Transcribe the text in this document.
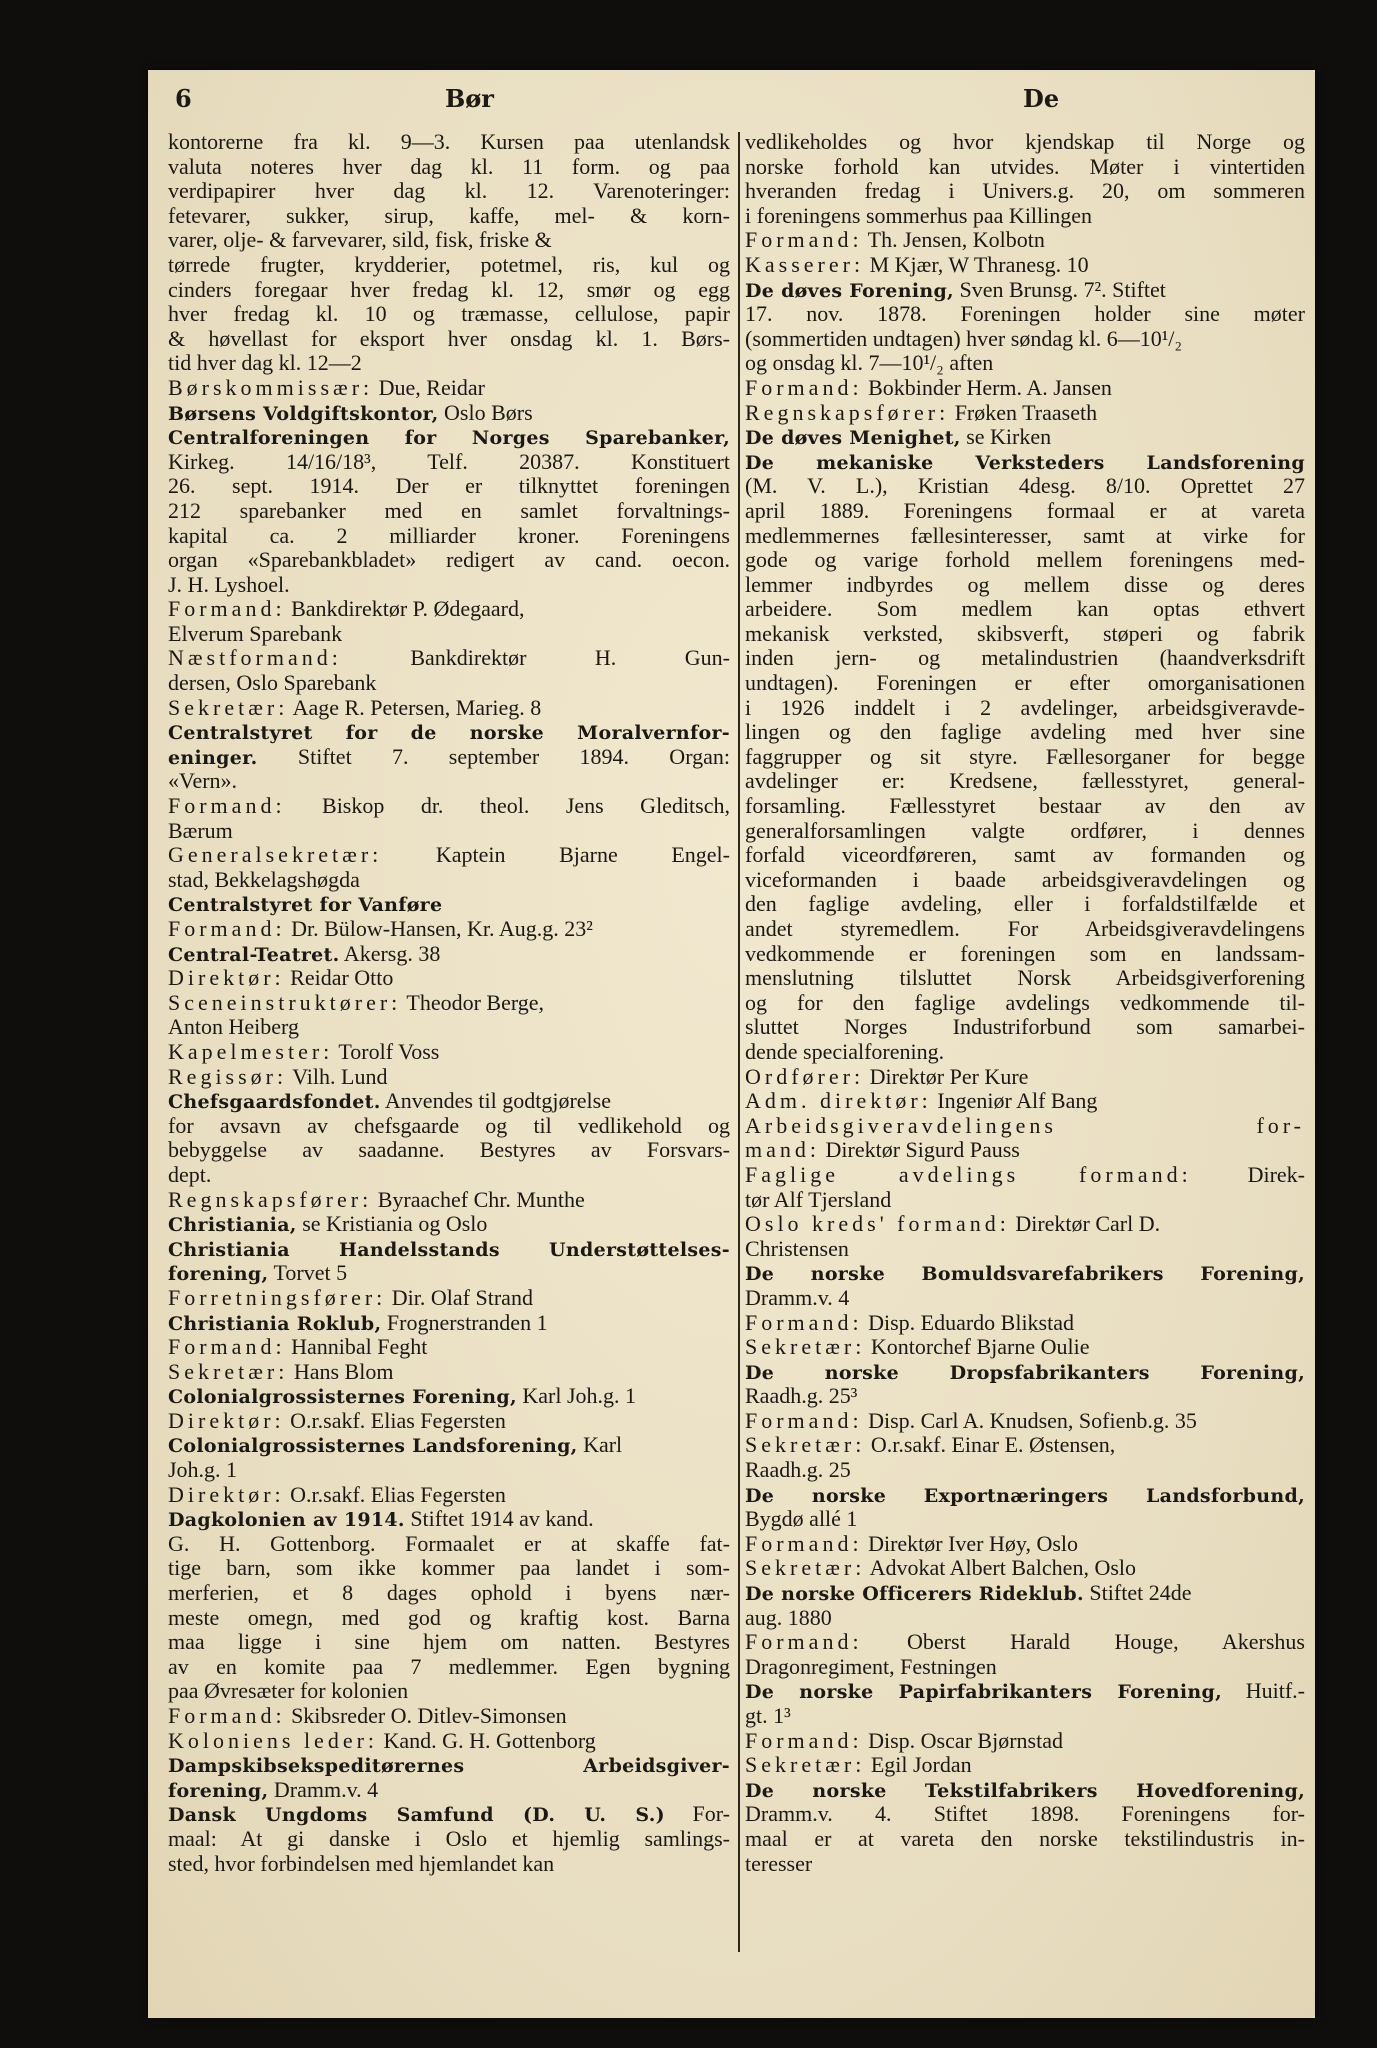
6	Bør	De
kontorerne fra kl. 9—3. Kursen paa utenlandsk
valuta noteres hver dag kl. 11 form. og paa
verdipapirer hver dag kl. 12. Varenoteringer:
fetevarer, sukker, sirup, kaffe, mel- & korn-
varer, olje- & farvevarer, sild, fisk, friske &
tørrede frugter, krydderier, potetmel, ris, kul og
cinders foregaar hver fredag kl. 12, smør og egg
hver fredag kl. 10 og træmasse, cellulose, papir
& høvellast for eksport hver onsdag kl. 1. Børs-
tid hver dag kl. 12—2
Børskommissær: Due, Reidar
Børsens Voldgiftskontor, Oslo Børs
Centralforeningen for Norges Sparebanker,
Kirkeg. 14/16/18³, Telf. 20387. Konstituert
26. sept. 1914. Der er tilknyttet foreningen
212 sparebanker med en samlet forvaltnings-
kapital ca. 2 milliarder kroner. Foreningens
organ «Sparebankbladet» redigert av cand. oecon.
J. H. Lyshoel.
Formand: Bankdirektør P. Ødegaard,
Elverum Sparebank
Næstformand: Bankdirektør H. Gun-
dersen, Oslo Sparebank
Sekretær: Aage R. Petersen, Marieg. 8
Centralstyret for de norske Moralvernfor-
eninger. Stiftet 7. september 1894. Organ:
«Vern».
Formand: Biskop dr. theol. Jens Gleditsch,
Bærum
Generalsekretær: Kaptein Bjarne Engel-
stad, Bekkelagshøgda
Centralstyret for Vanføre
Formand: Dr. Bülow-Hansen, Kr. Aug.g. 23²
Central-Teatret. Akersg. 38
Direktør: Reidar Otto
Sceneinstruktører: Theodor Berge,
Anton Heiberg
Kapelmester: Torolf Voss
Regissør: Vilh. Lund
Chefsgaardsfondet. Anvendes til godtgjørelse
for avsavn av chefsgaarde og til vedlikehold og
bebyggelse av saadanne. Bestyres av Forsvars-
dept.
Regnskapsfører: Byraachef Chr. Munthe
Christiania, se Kristiania og Oslo
Christiania Handelsstands Understøttelses-
forening, Torvet 5
Forretningsfører: Dir. Olaf Strand
Christiania Roklub, Frognerstranden 1
Formand: Hannibal Feght
Sekretær: Hans Blom
Colonialgrossisternes Forening, Karl Joh.g. 1
Direktør: O.r.sakf. Elias Fegersten
Colonialgrossisternes Landsforening, Karl
Joh.g. 1
Direktør: O.r.sakf. Elias Fegersten
Dagkolonien av 1914. Stiftet 1914 av kand.
G. H. Gottenborg. Formaalet er at skaffe fat-
tige barn, som ikke kommer paa landet i som-
merferien, et 8 dages ophold i byens nær-
meste omegn, med god og kraftig kost. Barna
maa ligge i sine hjem om natten. Bestyres
av en komite paa 7 medlemmer. Egen bygning
paa Øvresæter for kolonien
Formand: Skibsreder O. Ditlev-Simonsen
Koloniens leder: Kand. G. H. Gottenborg
Dampskibsekspeditørernes Arbeidsgiver-
forening, Dramm.v. 4
Dansk Ungdoms Samfund (D. U. S.) For-
maal: At gi danske i Oslo et hjemlig samlings-
sted, hvor forbindelsen med hjemlandet kan
vedlikeholdes og hvor kjendskap til Norge og
norske forhold kan utvides. Møter i vintertiden
hveranden fredag i Univers.g. 20, om sommeren
i foreningens sommerhus paa Killingen
Formand: Th. Jensen, Kolbotn
Kasserer: M Kjær, W Thranesg. 10
De døves Forening, Sven Brunsg. 7². Stiftet
17. nov. 1878. Foreningen holder sine møter
(sommertiden undtagen) hver søndag kl. 6—10¹/₂
og onsdag kl. 7—10¹/₂ aften
Formand: Bokbinder Herm. A. Jansen
Regnskapsfører: Frøken Traaseth
De døves Menighet, se Kirken
De mekaniske Verksteders Landsforening
(M. V. L.), Kristian 4desg. 8/10. Oprettet 27
april 1889. Foreningens formaal er at vareta
medlemmernes fællesinteresser, samt at virke for
gode og varige forhold mellem foreningens med-
lemmer indbyrdes og mellem disse og deres
arbeidere. Som medlem kan optas ethvert
mekanisk verksted, skibsverft, støperi og fabrik
inden jern- og metalindustrien (haandverksdrift
undtagen). Foreningen er efter omorganisationen
i 1926 inddelt i 2 avdelinger, arbeidsgiveravde-
lingen og den faglige avdeling med hver sine
faggrupper og sit styre. Fællesorganer for begge
avdelinger er: Kredsene, fællesstyret, general-
forsamling. Fællesstyret bestaar av den av
generalforsamlingen valgte ordfører, i dennes
forfald viceordføreren, samt av formanden og
viceformanden i baade arbeidsgiveravdelingen og
den faglige avdeling, eller i forfaldstilfælde et
andet styremedlem. For Arbeidsgiveravdelingens
vedkommende er foreningen som en landssam-
menslutning tilsluttet Norsk Arbeidsgiverforening
og for den faglige avdelings vedkommende til-
sluttet Norges Industriforbund som samarbei-
dende specialforening.
Ordfører: Direktør Per Kure
Adm. direktør: Ingeniør Alf Bang
Arbeidsgiveravdelingens for-
mand: Direktør Sigurd Pauss
Faglige avdelings formand: Direk-
tør Alf Tjersland
Oslo kreds' formand: Direktør Carl D.
Christensen
De norske Bomuldsvarefabrikers Forening,
Dramm.v. 4
Formand: Disp. Eduardo Blikstad
Sekretær: Kontorchef Bjarne Oulie
De norske Dropsfabrikanters Forening,
Raadh.g. 25³
Formand: Disp. Carl A. Knudsen, Sofienb.g. 35
Sekretær: O.r.sakf. Einar E. Østensen,
Raadh.g. 25
De norske Exportnæringers Landsforbund,
Bygdø allé 1
Formand: Direktør Iver Høy, Oslo
Sekretær: Advokat Albert Balchen, Oslo
De norske Officerers Rideklub. Stiftet 24de
aug. 1880
Formand: Oberst Harald Houge, Akershus
Dragonregiment, Festningen
De norske Papirfabrikanters Forening, Huitf.-
gt. 1³
Formand: Disp. Oscar Bjørnstad
Sekretær: Egil Jordan
De norske Tekstilfabrikers Hovedforening,
Dramm.v. 4. Stiftet 1898. Foreningens for-
maal er at vareta den norske tekstilindustris in-
teresser
